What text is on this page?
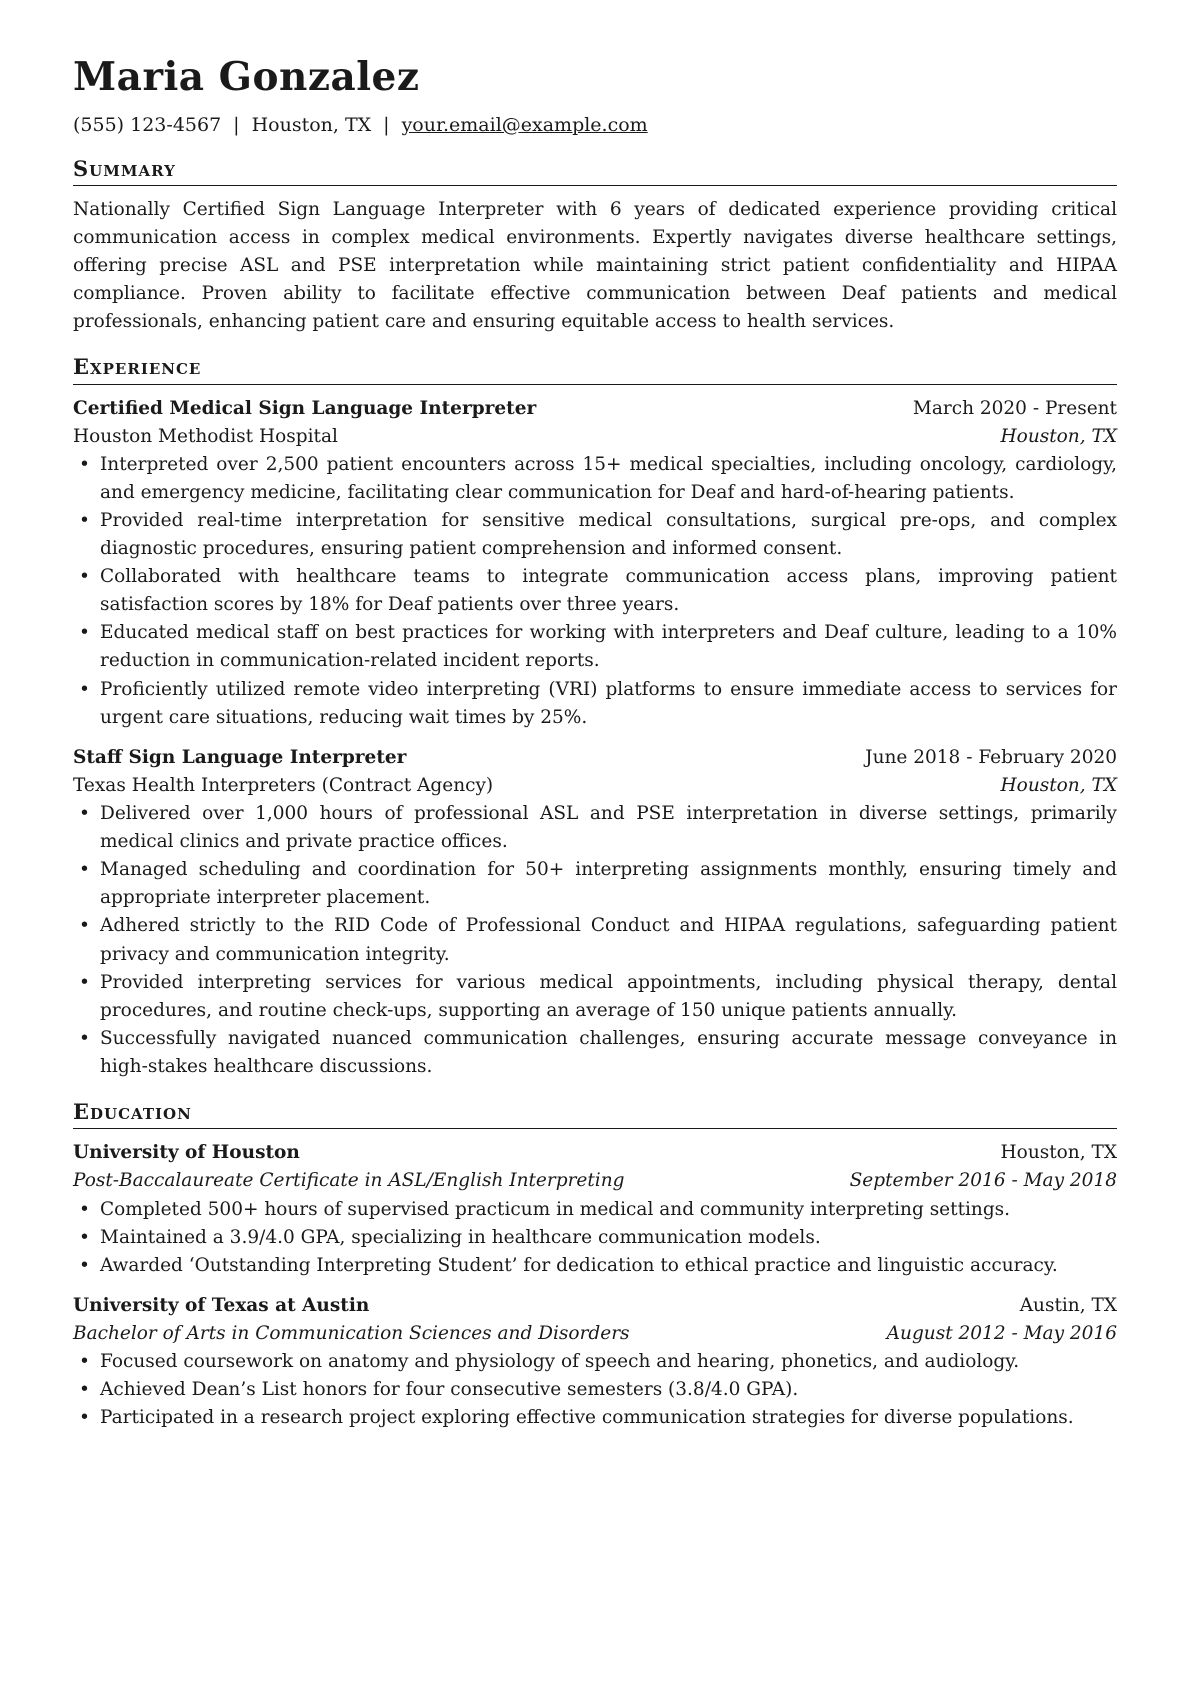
Maria Gonzalez
(555) 123-4567 | Houston, TX | your.email@example.com
Summary
Nationally Certified Sign Language Interpreter with 6 years of dedicated experience providing critical communication access in complex medical environments. Expertly navigates diverse healthcare settings, offering precise ASL and PSE interpretation while maintaining strict patient confidentiality and HIPAA compliance. Proven ability to facilitate effective communication between Deaf patients and medical professionals, enhancing patient care and ensuring equitable access to health services.
Experience
Certified Medical Sign Language Interpreter	March 2020 - Present
Houston Methodist Hospital	Houston, TX
• Interpreted over 2,500 patient encounters across 15+ medical specialties, including oncology, cardiology, and emergency medicine, facilitating clear communication for Deaf and hard-of-hearing patients.
• Provided real-time interpretation for sensitive medical consultations, surgical pre-ops, and complex diagnostic procedures, ensuring patient comprehension and informed consent.
• Collaborated with healthcare teams to integrate communication access plans, improving patient satisfaction scores by 18% for Deaf patients over three years.
• Educated medical staff on best practices for working with interpreters and Deaf culture, leading to a 10% reduction in communication-related incident reports.
• Proficiently utilized remote video interpreting (VRI) platforms to ensure immediate access to services for urgent care situations, reducing wait times by 25%.
Staff Sign Language Interpreter	June 2018 - February 2020
Texas Health Interpreters (Contract Agency)	Houston, TX
• Delivered over 1,000 hours of professional ASL and PSE interpretation in diverse settings, primarily medical clinics and private practice offices.
• Managed scheduling and coordination for 50+ interpreting assignments monthly, ensuring timely and appropriate interpreter placement.
• Adhered strictly to the RID Code of Professional Conduct and HIPAA regulations, safeguarding patient privacy and communication integrity.
• Provided interpreting services for various medical appointments, including physical therapy, dental procedures, and routine check-ups, supporting an average of 150 unique patients annually.
• Successfully navigated nuanced communication challenges, ensuring accurate message conveyance in high-stakes healthcare discussions.
Education
University of Houston	Houston, TX
Post-Baccalaureate Certificate in ASL/English Interpreting	September 2016 - May 2018
• Completed 500+ hours of supervised practicum in medical and community interpreting settings.
• Maintained a 3.9/4.0 GPA, specializing in healthcare communication models.
• Awarded ‘Outstanding Interpreting Student’ for dedication to ethical practice and linguistic accuracy.
University of Texas at Austin	Austin, TX
Bachelor of Arts in Communication Sciences and Disorders	August 2012 - May 2016
• Focused coursework on anatomy and physiology of speech and hearing, phonetics, and audiology.
• Achieved Dean’s List honors for four consecutive semesters (3.8/4.0 GPA).
• Participated in a research project exploring effective communication strategies for diverse populations.
